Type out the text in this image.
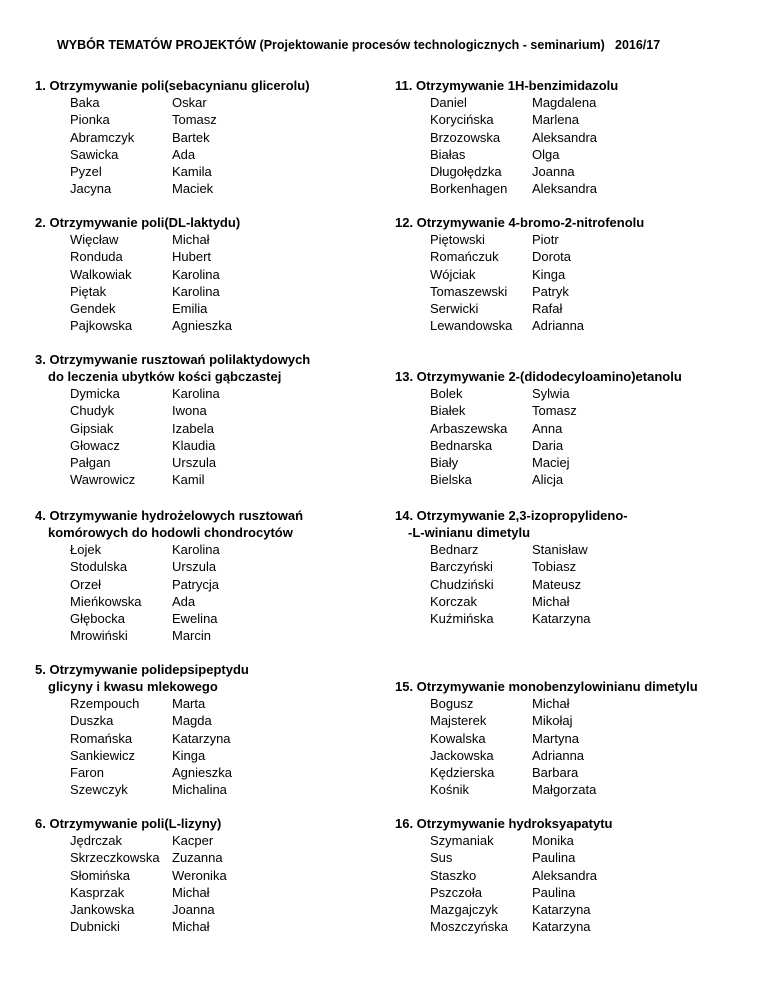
WYBÓR TEMATÓW PROJEKTÓW (Projektowanie procesów technologicznych - seminarium) 2016/17
1. Otrzymywanie poli(sebacynianu glicerolu)
Baka	Oskar
Pionka	Tomasz
Abramczyk	Bartek
Sawicka	Ada
Pyzel	Kamila
Jacyna	Maciek
2. Otrzymywanie poli(DL-laktydu)
Więcław	Michał
Ronduda	Hubert
Walkowiak	Karolina
Piętak	Karolina
Gendek	Emilia
Pajkowska	Agnieszka
3. Otrzymywanie rusztowań polilaktydowych
do leczenia ubytków kości gąbczastej
Dymicka	Karolina
Chudyk	Iwona
Gipsiak	Izabela
Głowacz	Klaudia
Pałgan	Urszula
Wawrowicz	Kamil
4. Otrzymywanie hydrożelowych rusztowań
komórowych do hodowli chondrocytów
Łojek	Karolina
Stodulska	Urszula
Orzeł	Patrycja
Mieńkowska Ada
Głębocka	Ewelina
Mrowiński	Marcin
5. Otrzymywanie polidepsipeptydu
glicyny i kwasu mlekowego
Rzempouch	Marta
Duszka	Magda
Romańska	Katarzyna
Sankiewicz	Kinga
Faron	Agnieszka
Szewczyk	Michalina
6. Otrzymywanie poli(L-lizyny)
Jędrczak	Kacper
Skrzeczkowska Zuzanna
Słomińska	Weronika
Kasprzak	Michał
Jankowska	Joanna
Dubnicki	Michał
11. Otrzymywanie 1H-benzimidazolu
Daniel	Magdalena
Korycińska	Marlena
Brzozowska Aleksandra
Białas	Olga
Długołędzka Joanna
Borkenhagen Aleksandra
12. Otrzymywanie 4-bromo-2-nitrofenolu
Piętowski	Piotr
Romańczuk	Dorota
Wójciak	Kinga
Tomaszewski Patryk
Serwicki	Rafał
Lewandowska Adrianna
13. Otrzymywanie 2-(didodecyloamino)etanolu
Bolek	Sylwia
Białek	Tomasz
Arbaszewska Anna
Bednarska	Daria
Biały	Maciej
Bielska	Alicja
14. Otrzymywanie 2,3-izopropylideno-
-L-winianu dimetylu
Bednarz	Stanisław
Barczyński	Tobiasz
Chudziński	Mateusz
Korczak	Michał
Kuźmińska	Katarzyna
15. Otrzymywanie monobenzylowinianu dimetylu
Bogusz	Michał
Majsterek	Mikołaj
Kowalska	Martyna
Jackowska	Adrianna
Kędzierska	Barbara
Kośnik	Małgorzata
16. Otrzymywanie hydroksyapatytu
Szymaniak	Monika
Sus	Paulina
Staszko	Aleksandra
Pszczoła	Paulina
Mazgajczyk	Katarzyna
Moszczyńska Katarzyna
